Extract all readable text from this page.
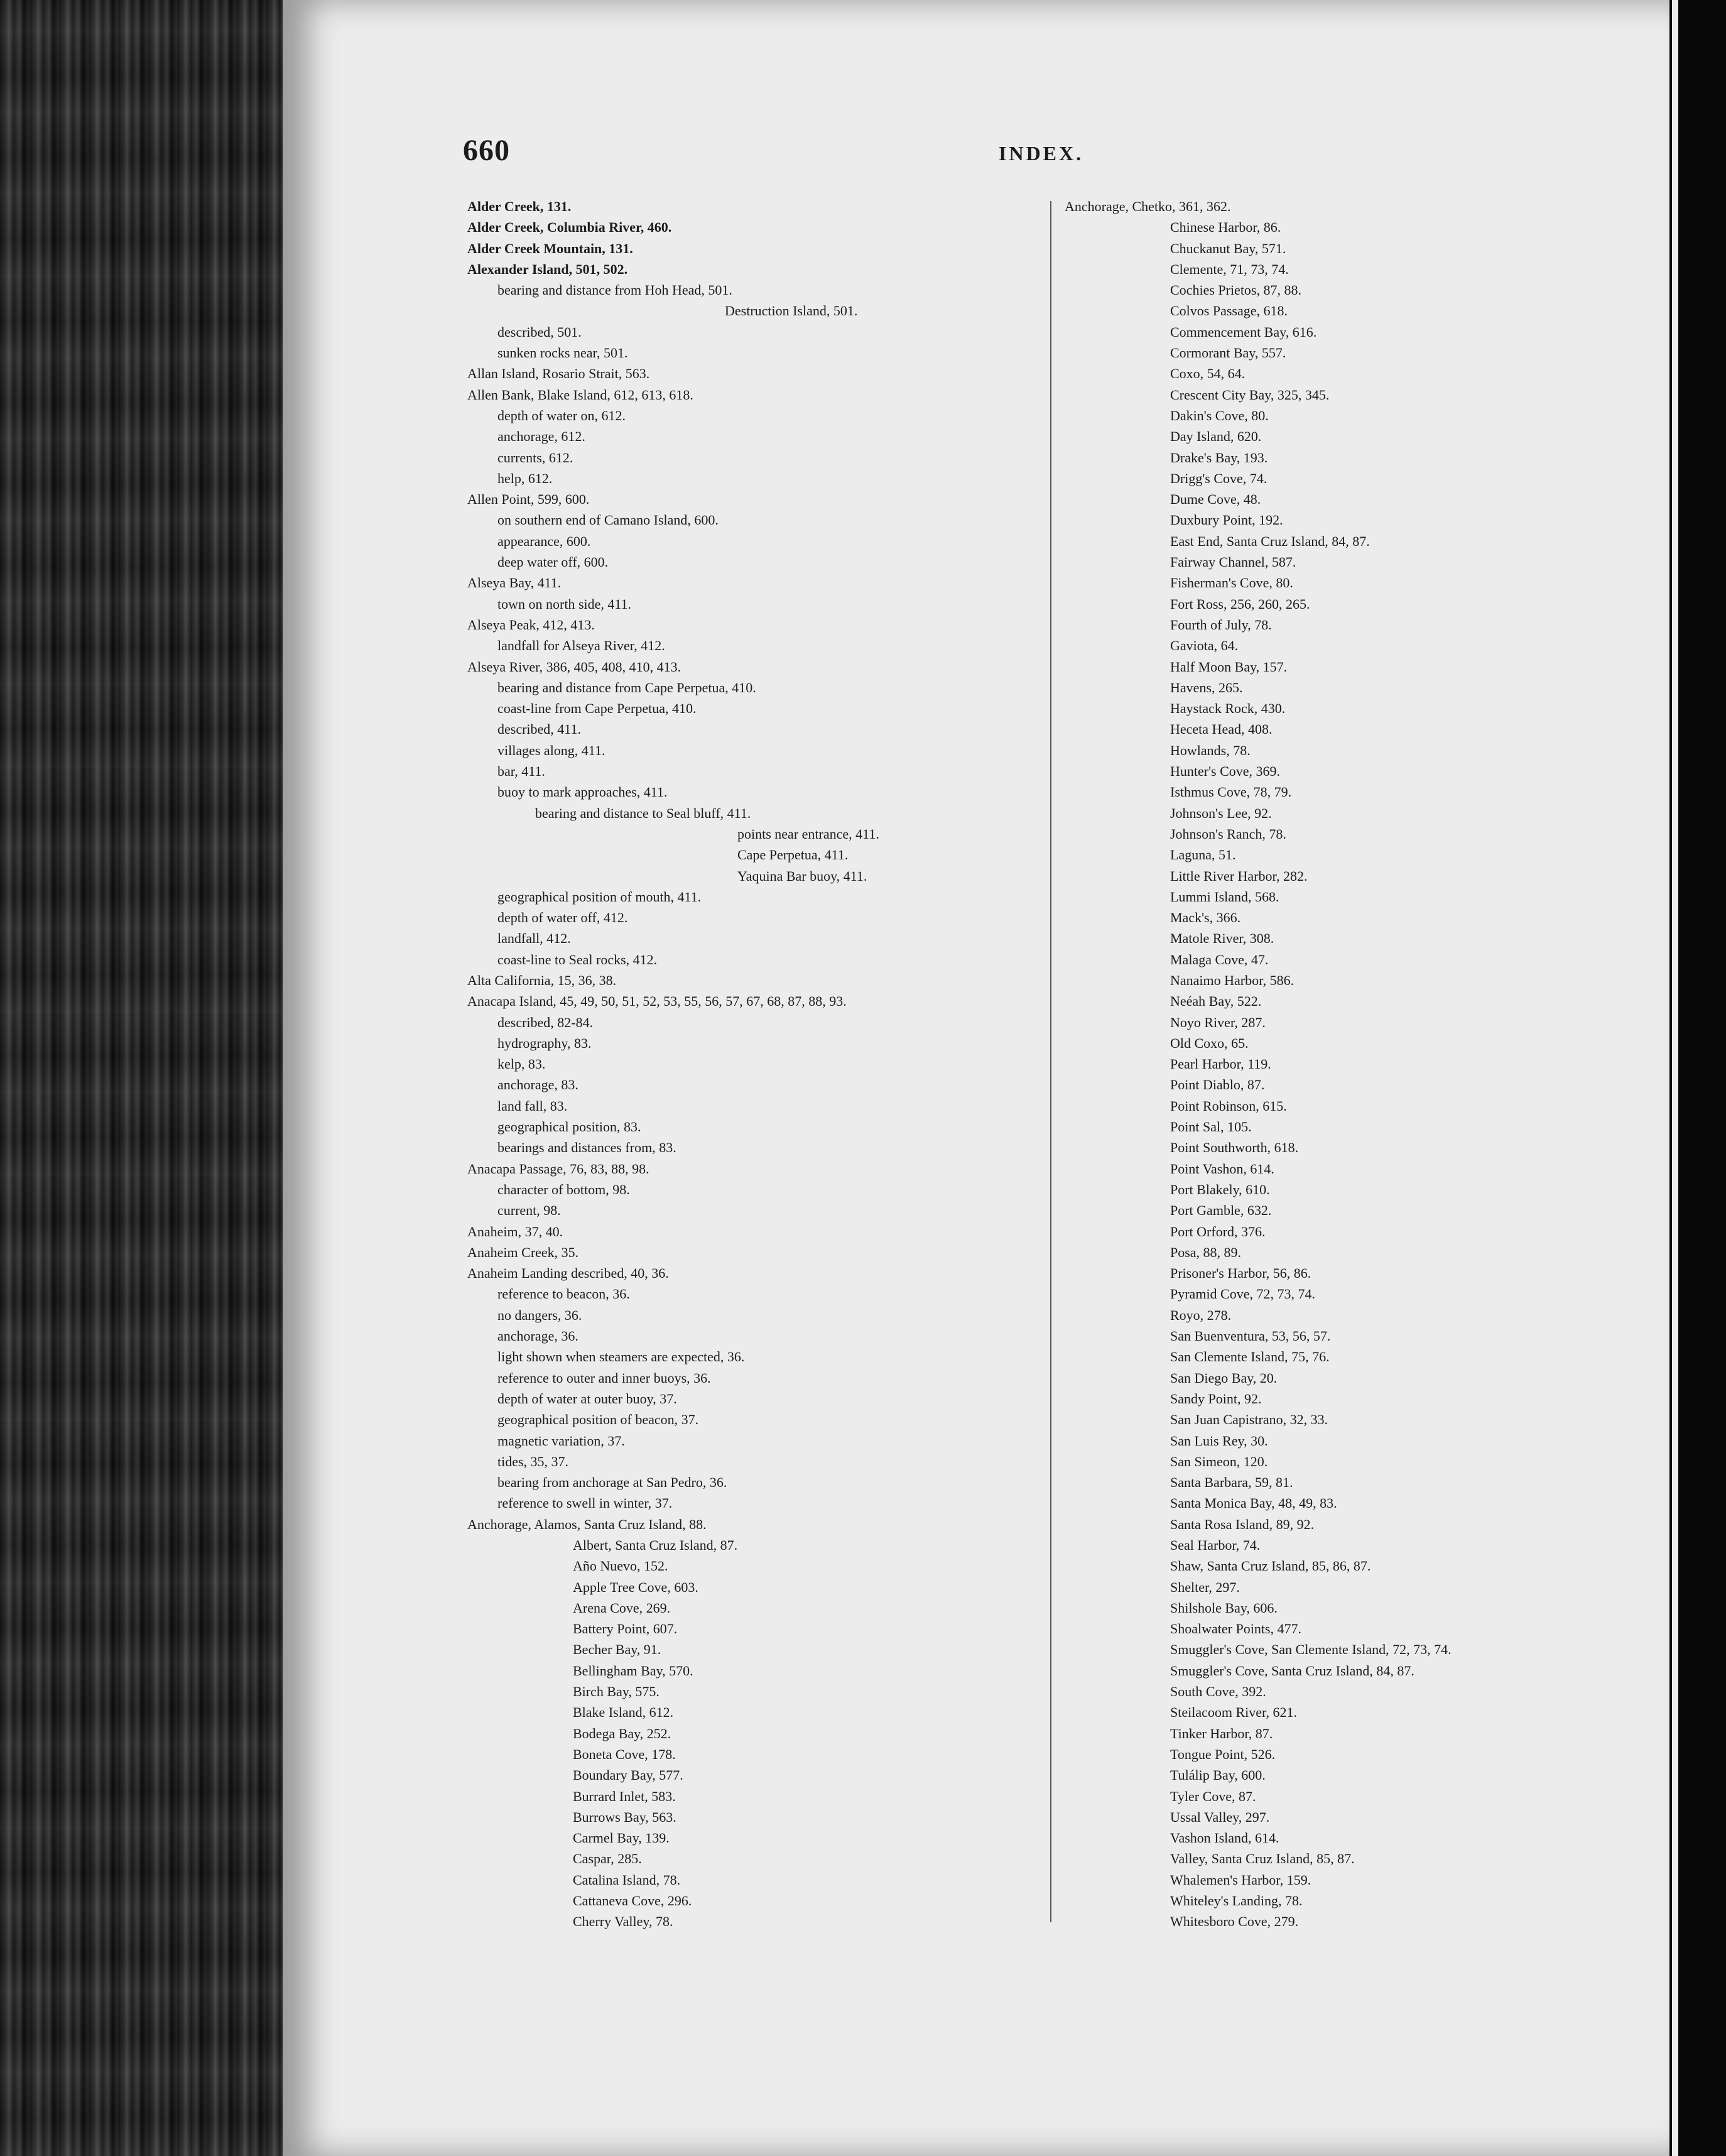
660	INDEX.
Alder Creek, 131.
Alder Creek, Columbia River, 460.
Alder Creek Mountain, 131.
Alexander Island, 501, 502.
bearing and distance from Hoh Head, 501.
Destruction Island, 501.
described, 501.
sunken rocks near, 501.
Allan Island, Rosario Strait, 563.
Allen Bank, Blake Island, 612, 613, 618.
depth of water on, 612.
anchorage, 612.
currents, 612.
help, 612.
Allen Point, 599, 600.
on southern end of Camano Island, 600.
appearance, 600.
deep water off, 600.
Alseya Bay, 411.
town on north side, 411.
Alseya Peak, 412, 413.
landfall for Alseya River, 412.
Alseya River, 386, 405, 408, 410, 413.
bearing and distance from Cape Perpetua, 410.
coast-line from Cape Perpetua, 410.
described, 411.
villages along, 411.
bar, 411.
buoy to mark approaches, 411.
bearing and distance to Seal bluff, 411.
points near entrance, 411.
Cape Perpetua, 411.
Yaquina Bar buoy, 411.
geographical position of mouth, 411.
depth of water off, 412.
landfall, 412.
coast-line to Seal rocks, 412.
Alta California, 15, 36, 38.
Anacapa Island, 45, 49, 50, 51, 52, 53, 55, 56, 57, 67, 68, 87, 88, 93.
described, 82-84.
hydrography, 83.
kelp, 83.
anchorage, 83.
land fall, 83.
geographical position, 83.
bearings and distances from, 83.
Anacapa Passage, 76, 83, 88, 98.
character of bottom, 98.
current, 98.
Anaheim, 37, 40.
Anaheim Creek, 35.
Anaheim Landing described, 40, 36.
reference to beacon, 36.
no dangers, 36.
anchorage, 36.
light shown when steamers are expected, 36.
reference to outer and inner buoys, 36.
depth of water at outer buoy, 37.
geographical position of beacon, 37.
magnetic variation, 37.
tides, 35, 37.
bearing from anchorage at San Pedro, 36.
reference to swell in winter, 37.
Anchorage, Alamos, Santa Cruz Island, 88.
Albert, Santa Cruz Island, 87.
Año Nuevo, 152.
Apple Tree Cove, 603.
Arena Cove, 269.
Battery Point, 607.
Becher Bay, 91.
Bellingham Bay, 570.
Birch Bay, 575.
Blake Island, 612.
Bodega Bay, 252.
Boneta Cove, 178.
Boundary Bay, 577.
Burrard Inlet, 583.
Burrows Bay, 563.
Carmel Bay, 139.
Caspar, 285.
Catalina Island, 78.
Cattaneva Cove, 296.
Cherry Valley, 78.
Anchorage, Chetko, 361, 362.
Chinese Harbor, 86.
Chuckanut Bay, 571.
Clemente, 71, 73, 74.
Cochies Prietos, 87, 88.
Colvos Passage, 618.
Commencement Bay, 616.
Cormorant Bay, 557.
Coxo, 54, 64.
Crescent City Bay, 325, 345.
Dakin's Cove, 80.
Day Island, 620.
Drake's Bay, 193.
Drigg's Cove, 74.
Dume Cove, 48.
Duxbury Point, 192.
East End, Santa Cruz Island, 84, 87.
Fairway Channel, 587.
Fisherman's Cove, 80.
Fort Ross, 256, 260, 265.
Fourth of July, 78.
Gaviota, 64.
Half Moon Bay, 157.
Havens, 265.
Haystack Rock, 430.
Heceta Head, 408.
Howlands, 78.
Hunter's Cove, 369.
Isthmus Cove, 78, 79.
Johnson's Lee, 92.
Johnson's Ranch, 78.
Laguna, 51.
Little River Harbor, 282.
Lummi Island, 568.
Mack's, 366.
Matole River, 308.
Malaga Cove, 47.
Nanaimo Harbor, 586.
Neéah Bay, 522.
Noyo River, 287.
Old Coxo, 65.
Pearl Harbor, 119.
Point Diablo, 87.
Point Robinson, 615.
Point Sal, 105.
Point Southworth, 618.
Point Vashon, 614.
Port Blakely, 610.
Port Gamble, 632.
Port Orford, 376.
Posa, 88, 89.
Prisoner's Harbor, 56, 86.
Pyramid Cove, 72, 73, 74.
Royo, 278.
San Buenventura, 53, 56, 57.
San Clemente Island, 75, 76.
San Diego Bay, 20.
Sandy Point, 92.
San Juan Capistrano, 32, 33.
San Luis Rey, 30.
San Simeon, 120.
Santa Barbara, 59, 81.
Santa Monica Bay, 48, 49, 83.
Santa Rosa Island, 89, 92.
Seal Harbor, 74.
Shaw, Santa Cruz Island, 85, 86, 87.
Shelter, 297.
Shilshole Bay, 606.
Shoalwater Points, 477.
Smuggler's Cove, San Clemente Island, 72, 73, 74.
Smuggler's Cove, Santa Cruz Island, 84, 87.
South Cove, 392.
Steilacoom River, 621.
Tinker Harbor, 87.
Tongue Point, 526.
Tulálip Bay, 600.
Tyler Cove, 87.
Ussal Valley, 297.
Vashon Island, 614.
Valley, Santa Cruz Island, 85, 87.
Whalemen's Harbor, 159.
Whiteley's Landing, 78.
Whitesboro Cove, 279.
